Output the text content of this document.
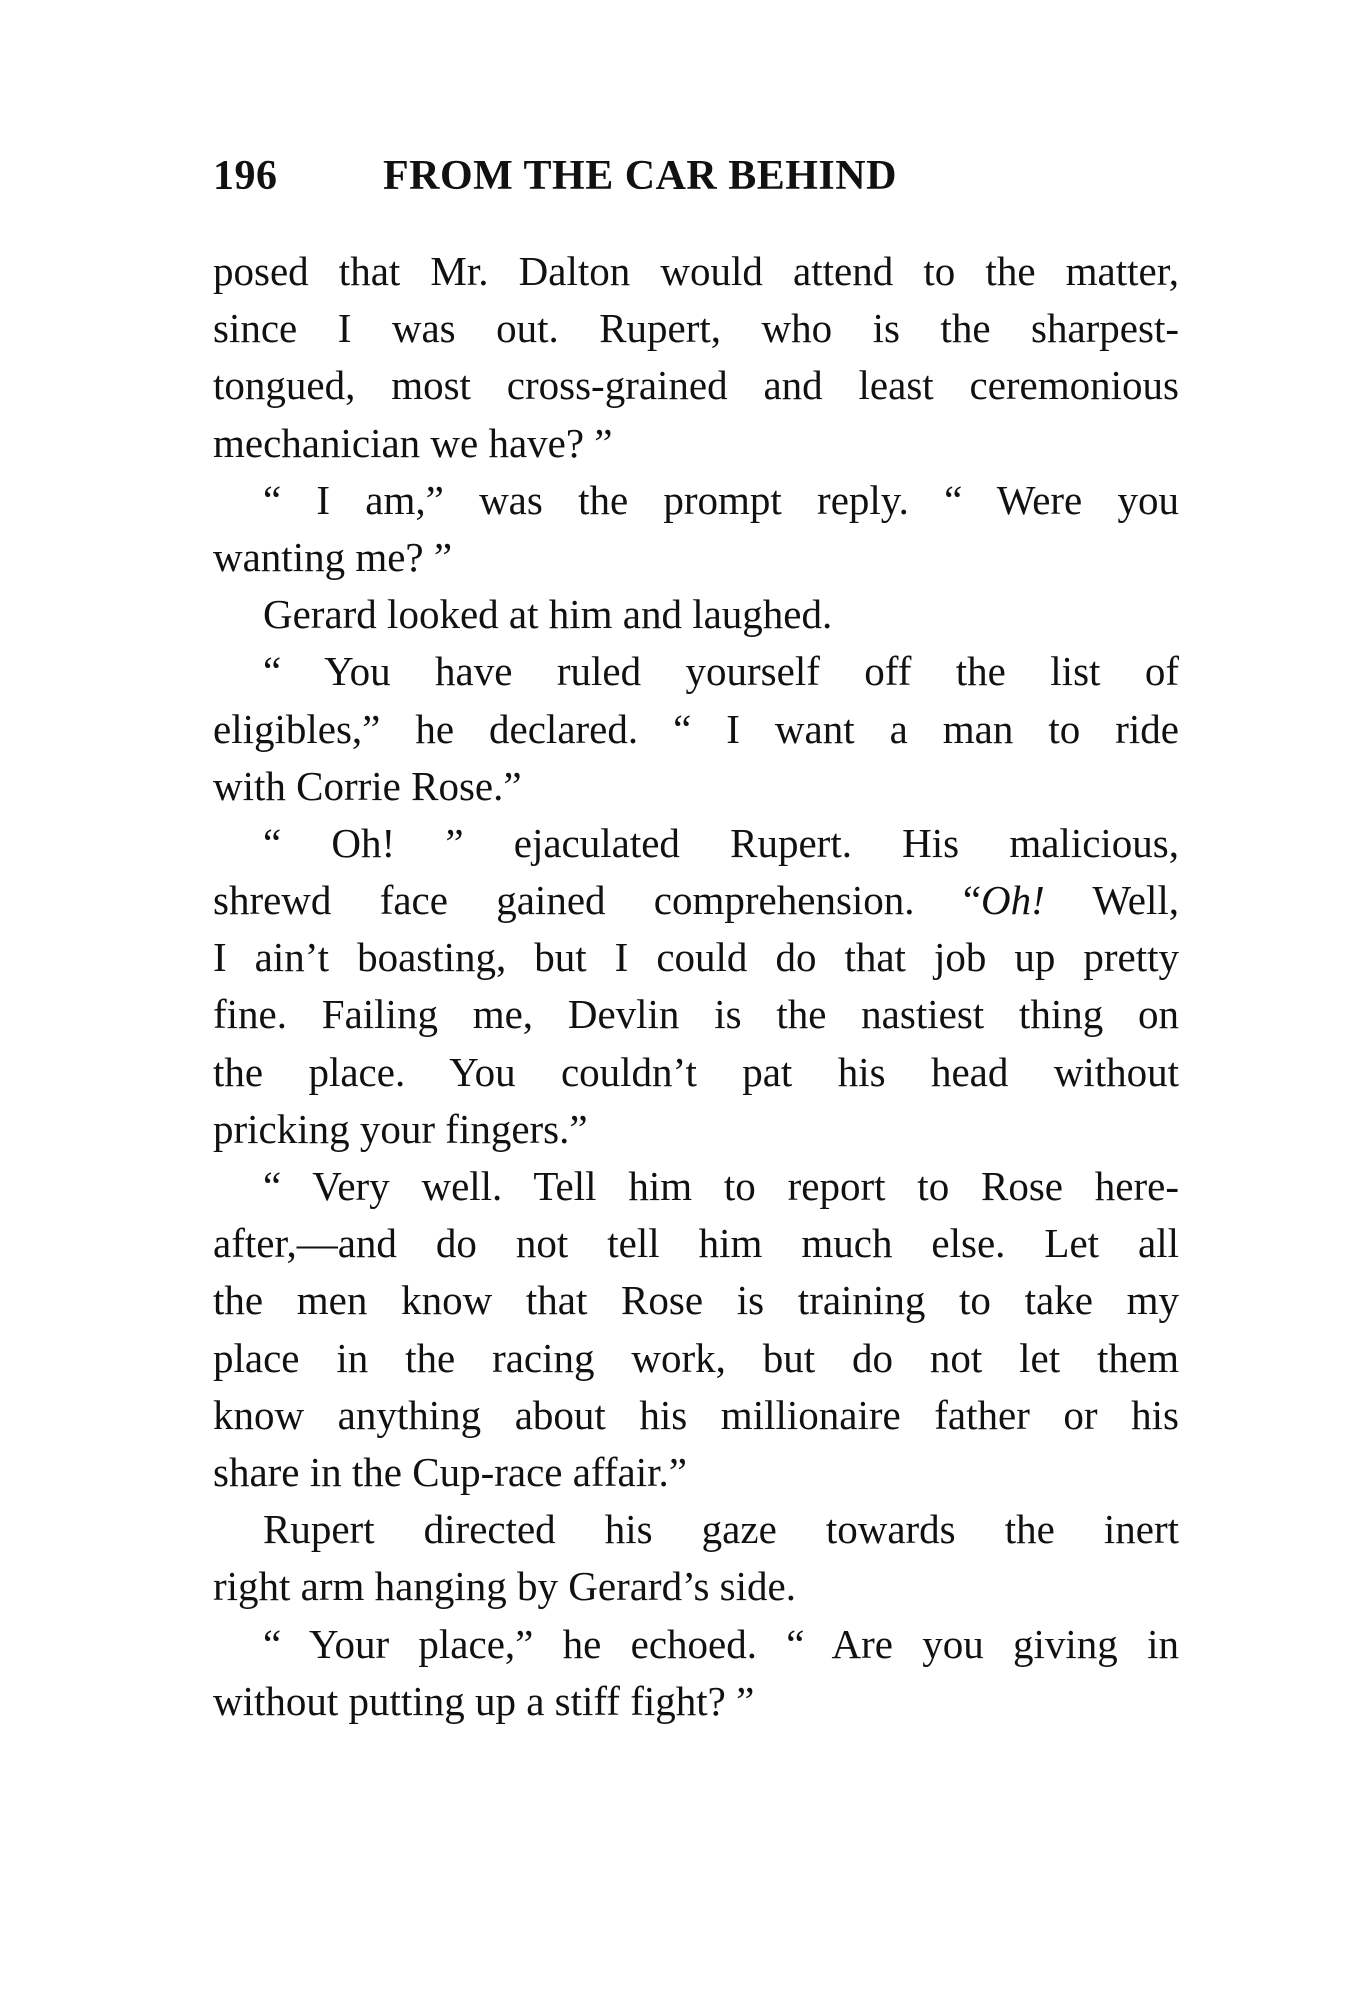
196	FROM THE CAR BEHIND
posed that Mr. Dalton would attend to the matter,
since I was out. Rupert, who is the sharpest-
tongued, most cross-grained and least ceremonious
mechanician we have? ”
“ I am,” was the prompt reply. “ Were you
wanting me? ”
Gerard looked at him and laughed.
“ You have ruled yourself off the list of
eligibles,” he declared. “ I want a man to ride
with Corrie Rose.”
“ Oh! ” ejaculated Rupert. His malicious,
shrewd face gained comprehension. “Oh! Well,
I ain’t boasting, but I could do that job up pretty
fine. Failing me, Devlin is the nastiest thing on
the place. You couldn’t pat his head without
pricking your fingers.”
“ Very well. Tell him to report to Rose here-
after,—and do not tell him much else. Let all
the men know that Rose is training to take my
place in the racing work, but do not let them
know anything about his millionaire father or his
share in the Cup-race affair.”
Rupert directed his gaze towards the inert
right arm hanging by Gerard’s side.
“ Your place,” he echoed. “ Are you giving in
without putting up a stiff fight? ”
